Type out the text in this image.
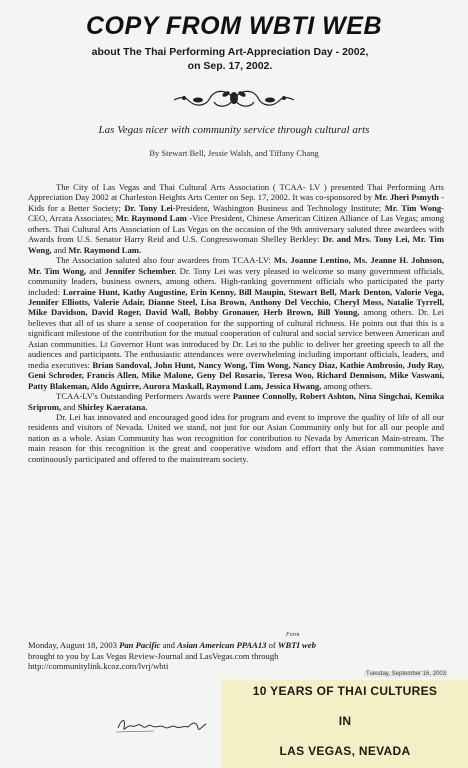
COPY FROM WBTI WEB
about The Thai Performing Art-Appreciation Day - 2002,
on Sep. 17, 2002.
Las Vegas nicer with community service through cultural arts
By Stewart Bell, Jessie Walsh, and Tiffany Chang

The City of Las Vegas and Thai Cultural Arts Association ( TCAA- LV ) presented Thai Performing Arts Appreciation Day 2002 at Charleston Heights Arts Center on Sep. 17, 2002. It was co-sponsored by Mr. Jheri Psmyth -Kids for a Better Society; Dr. Tony Lei-President, Washington Business and Technology Institute; Mr. Tim Wong- CEO, Arcata Associates; Mr. Raymond Lam -Vice President, Chinese American Citizen Alliance of Las Vegas; among others. Thai Cultural Arts Association of Las Vegas on the occasion of the 9th anniversary saluted three awardees with Awards from U.S. Senator Harry Reid and U.S. Congresswoman Shelley Berkley: Dr. and Mrs. Tony Lei, Mr. Tim Wong, and Mr. Raymond Lam.

The Association saluted also four awardees from TCAA-LV: Ms. Joanne Lentino, Ms. Jeanne H. Johnson, Mr. Tim Wong, and Jennifer Schember. Dr. Tony Lei was very pleased to welcome so many government officials, community leaders, business owners, among others. High-ranking government officials who participated the party included: Lorraine Hunt, Kathy Augustine, Erin Kenny, Bill Maupin, Stewart Bell, Mark Denton, Valorie Vega, Jennifer Elliotts, Valerie Adair, Dianne Steel, Lisa Brown, Anthony Del Vecchio, Cheryl Moss, Natalie Tyrrell, Mike Davidson, David Roger, David Wall, Bobby Gronauer, Herb Brown, Bill Young, among others. Dr. Lei believes that all of us share a sense of cooperation for the supporting of cultural richness. He points out that this is a significant milestone of the contribution for the mutual cooperation of cultural and social service between American and Asian communities. Lt Governor Hunt was introduced by Dr. Lei to the public to deliver her greeting speech to all the audiences and participants. The enthusiastic attendances were overwhelming including important officials, leaders, and media executives: Brian Sandoval, John Hunt, Nancy Wong, Tim Wong, Nancy Diaz, Kathie Ambrosio, Judy Ray, Geni Schroder, Francis Allen, Mike Malone, Geny Del Rosario, Teresa Woo, Richard Dennison, Mike Vaswani, Patty Blakeman, Aldo Aguirre, Aurora Maskall, Raymond Lam, Jessica Hwang, among others.

TCAA-LV's Outstanding Performers Awards were Pannee Connolly, Robert Ashton, Nina Singchai, Kemika Sriprom, and Shirley Kaeratana.

Dr. Lei has innovated and encouraged good idea for program and event to improve the quality of life of all our residents and visitors of Nevada. United we stand, not just for our Asian Community only but for all our people and nation as a whole. Asian Community has won recognition for contribution to Nevada by American Main-stream. The main reason for this recognition is the great and cooperative wisdom and effort that the Asian communities have continuously participated and offered to the mainstream society.

Form
Monday, August 18, 2003 Pan Pacific and Asian American PPAA13 of WBTI web
brought to you by Las Vegas Review-Journal and LasVegas.com through
http://communitylink.kcoz.com/lvrj/wbti
Tuesday, September 16, 2003
10 YEARS OF THAI CULTURES
IN
LAS VEGAS, NEVADA
